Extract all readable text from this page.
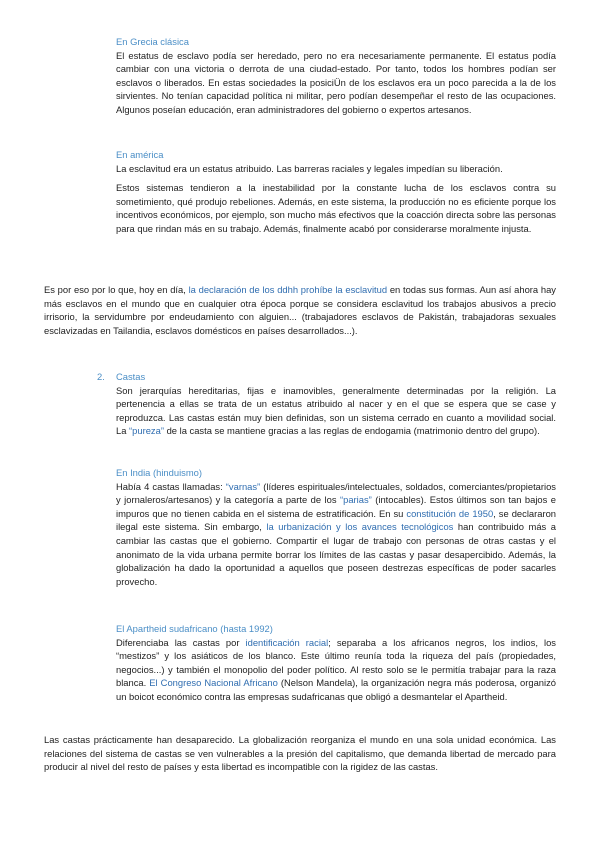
En Grecia clásica

El estatus de esclavo podía ser heredado, pero no era necesariamente permanente. El estatus podía cambiar con una victoria o derrota de una ciudad-estado. Por tanto, todos los hombres podían ser esclavos o liberados. En estas sociedades la posiciÜn de los esclavos era un poco parecida a la de los sirvientes. No tenían capacidad política ni militar, pero podían desempeñar el resto de las ocupaciones. Algunos poseían educación, eran administradores del gobierno o expertos artesanos.

En américa

La esclavitud era un estatus atribuido. Las barreras raciales y legales impedían su liberación.

Estos sistemas tendieron a la inestabilidad por la constante lucha de los esclavos contra su sometimiento, qué produjo rebeliones. Además, en este sistema, la producción no es eficiente porque los incentivos económicos, por ejemplo, son mucho más efectivos que la coacción directa sobre las personas para que rindan más en su trabajo. Además, finalmente acabó por considerarse moralmente injusta.

Es por eso por lo que, hoy en día, la declaración de los ddhh prohíbe la esclavitud en todas sus formas. Aun así ahora hay más esclavos en el mundo que en cualquier otra época porque se considera esclavitud los trabajos abusivos a precio irrisorio, la servidumbre por endeudamiento con alguien... (trabajadores esclavos de Pakistán, trabajadoras sexuales esclavizadas en Tailandia, esclavos domésticos en países desarrollados...).

2. Castas

Son jerarquías hereditarias, fijas e inamovibles, generalmente determinadas por la religión. La pertenencia a ellas se trata de un estatus atribuido al nacer y en el que se espera que se case y reproduzca. Las castas están muy bien definidas, son un sistema cerrado en cuanto a movilidad social. La “pureza” de la casta se mantiene gracias a las reglas de endogamia (matrimonio dentro del grupo).

En India (hinduismo)

Había 4 castas llamadas: “varnas” (líderes espirituales/intelectuales, soldados, comerciantes/propietarios y jornaleros/artesanos) y la categoría a parte de los “parias” (intocables). Estos últimos son tan bajos e impuros que no tienen cabida en el sistema de estratificación. En su constitución de 1950, se declararon ilegal este sistema. Sin embargo, la urbanización y los avances tecnológicos han contribuido más a cambiar las castas que el gobierno. Compartir el lugar de trabajo con personas de otras castas y el anonimato de la vida urbana permite borrar los límites de las castas y pasar desapercibido. Además, la globalización ha dado la oportunidad a aquellos que poseen destrezas específicas de poder sacarles provecho.

El Apartheid sudafricano (hasta 1992)

Diferenciaba las castas por identificación racial; separaba a los africanos negros, los indios, los “mestizos” y los asiáticos de los blanco. Este último reunía toda la riqueza del país (propiedades, negocios...) y también el monopolio del poder político. Al resto solo se le permitía trabajar para la raza blanca. El Congreso Nacional Africano (Nelson Mandela), la organización negra más poderosa, organizó un boicot económico contra las empresas sudafricanas que obligó a desmantelar el Apartheid.

Las castas prácticamente han desaparecido. La globalización reorganiza el mundo en una sola unidad económica. Las relaciones del sistema de castas se ven vulnerables a la presión del capitalismo, que demanda libertad de mercado para producir al nivel del resto de países y esta libertad es incompatible con la rigidez de las castas.
